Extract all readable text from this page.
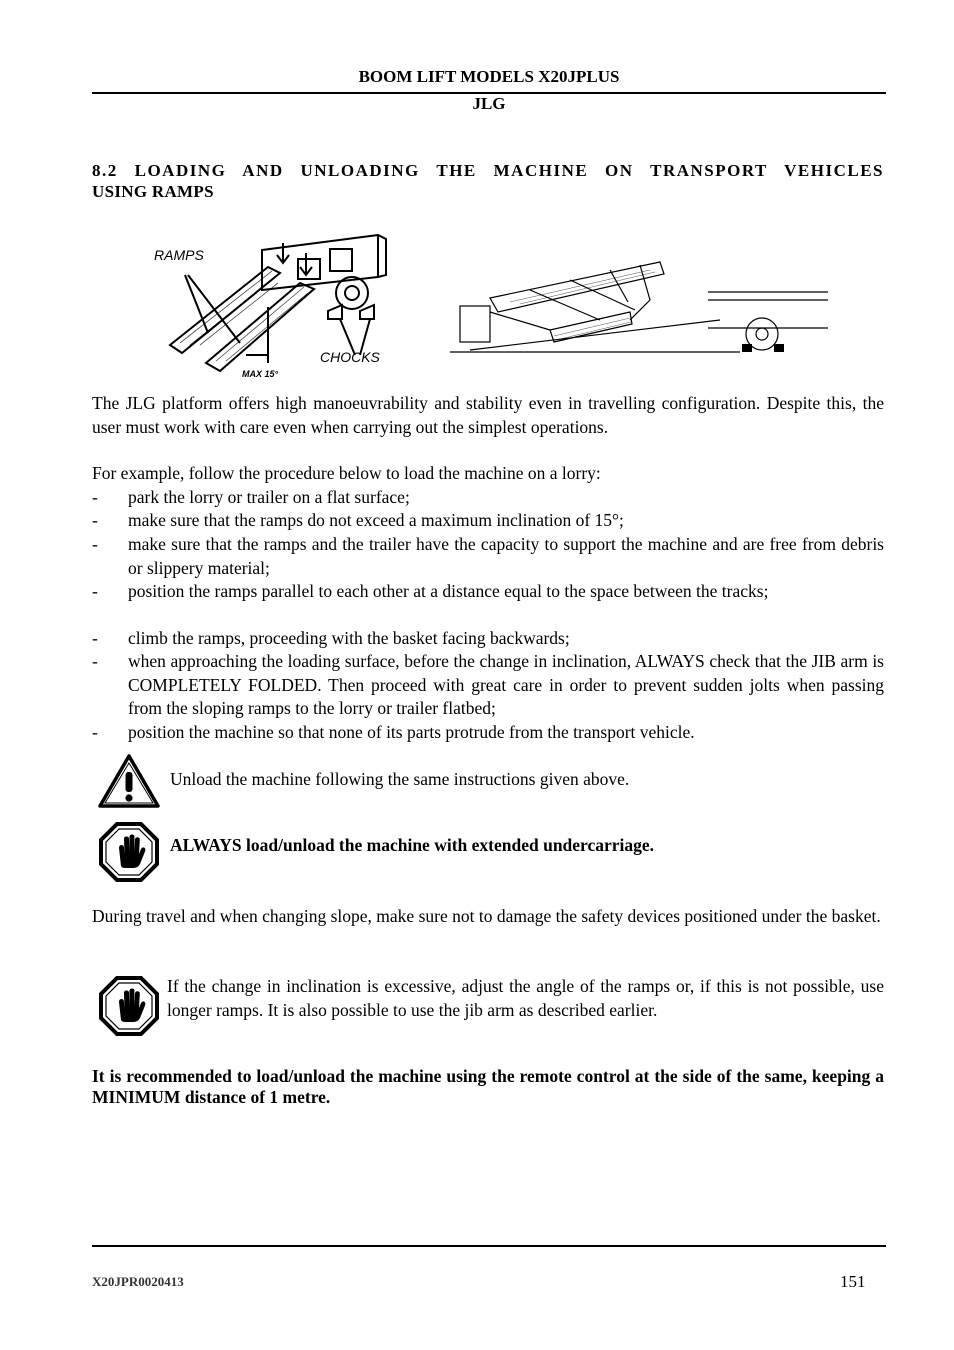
BOOM LIFT MODELS X20JPLUS
JLG
8.2 LOADING AND UNLOADING THE MACHINE ON TRANSPORT VEHICLES
USING RAMPS
RAMPS
CHOCKS
MAX 15°
The JLG platform offers high manoeuvrability and stability even in travelling configuration. Despite this, the user must work with care even when carrying out the simplest operations.
For example, follow the procedure below to load the machine on a lorry:
- park the lorry or trailer on a flat surface;
- make sure that the ramps do not exceed a maximum inclination of 15°;
- make sure that the ramps and the trailer have the capacity to support the machine and are free from debris or slippery material;
- position the ramps parallel to each other at a distance equal to the space between the tracks;
- climb the ramps, proceeding with the basket facing backwards;
- when approaching the loading surface, before the change in inclination, ALWAYS check that the JIB arm is COMPLETELY FOLDED. Then proceed with great care in order to prevent sudden jolts when passing from the sloping ramps to the lorry or trailer flatbed;
- position the machine so that none of its parts protrude from the transport vehicle.
Unload the machine following the same instructions given above.
ALWAYS load/unload the machine with extended undercarriage.
During travel and when changing slope, make sure not to damage the safety devices positioned under the basket.
If the change in inclination is excessive, adjust the angle of the ramps or, if this is not possible, use longer ramps. It is also possible to use the jib arm as described earlier.
It is recommended to load/unload the machine using the remote control at the side of the same, keeping a MINIMUM distance of 1 metre.
X20JPR0020413	151
